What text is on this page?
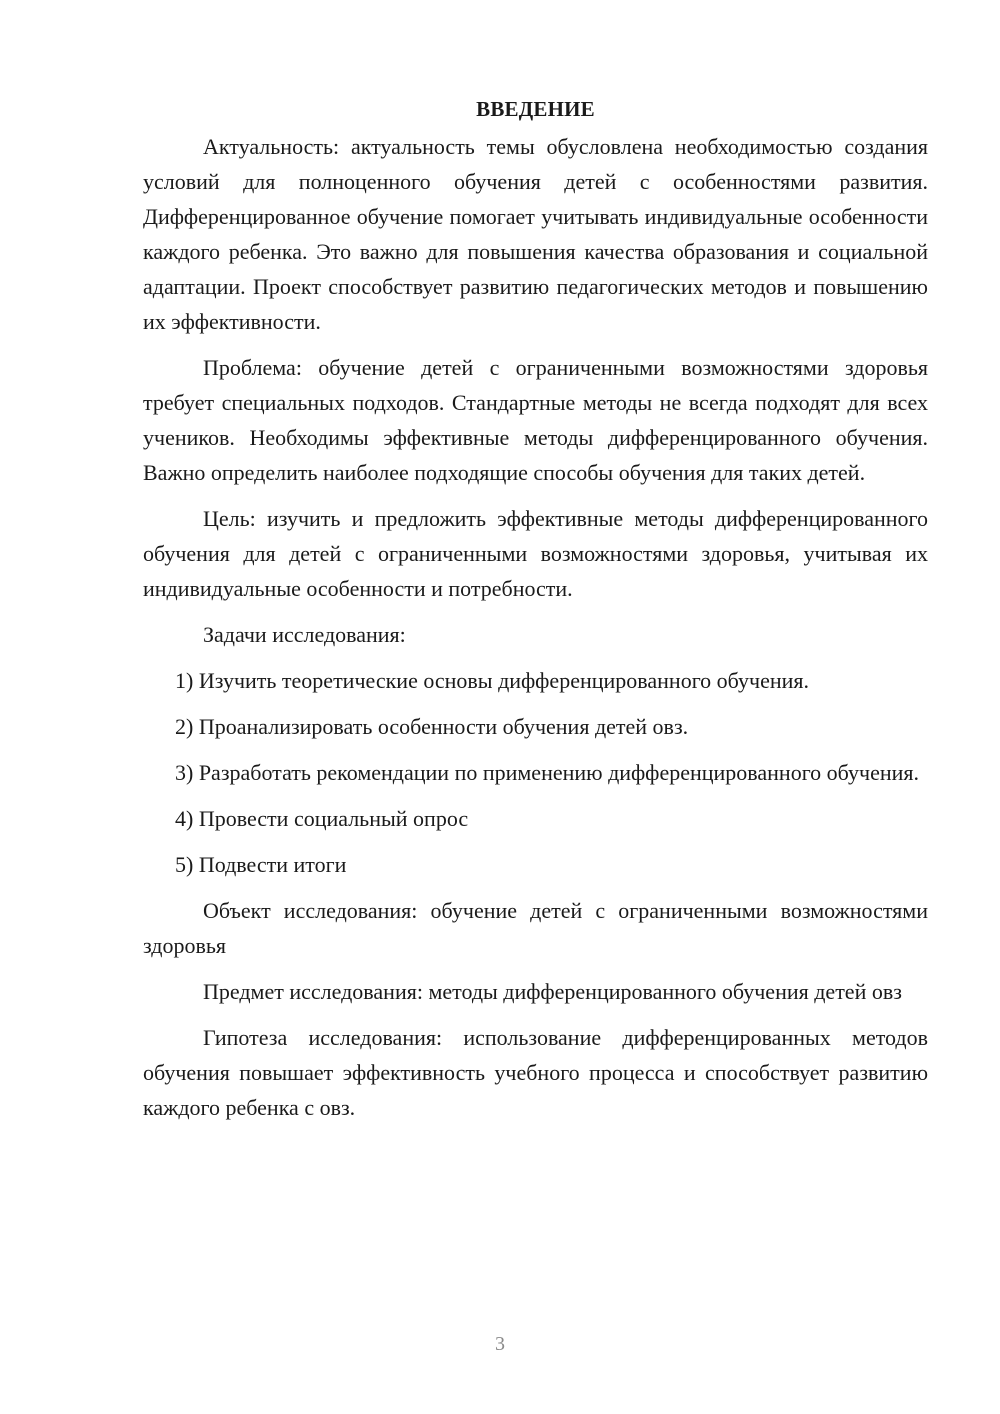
ВВЕДЕНИЕ

Актуальность: актуальность темы обусловлена необходимостью создания условий для полноценного обучения детей с особенностями развития. Дифференцированное обучение помогает учитывать индивидуальные особенности каждого ребенка. Это важно для повышения качества образования и социальной адаптации. Проект способствует развитию педагогических методов и повышению их эффективности.

Проблема: обучение детей с ограниченными возможностями здоровья требует специальных подходов. Стандартные методы не всегда подходят для всех учеников. Необходимы эффективные методы дифференцированного обучения. Важно определить наиболее подходящие способы обучения для таких детей.

Цель: изучить и предложить эффективные методы дифференцированного обучения для детей с ограниченными возможностями здоровья, учитывая их индивидуальные особенности и потребности.

Задачи исследования:

1) Изучить теоретические основы дифференцированного обучения.

2) Проанализировать особенности обучения детей овз.

3) Разработать рекомендации по применению дифференцированного обучения.

4) Провести социальный опрос

5) Подвести итоги

Объект исследования: обучение детей с ограниченными возможностями здоровья

Предмет исследования: методы дифференцированного обучения детей овз

Гипотеза исследования: использование дифференцированных методов обучения повышает эффективность учебного процесса и способствует развитию каждого ребенка с овз.

3
